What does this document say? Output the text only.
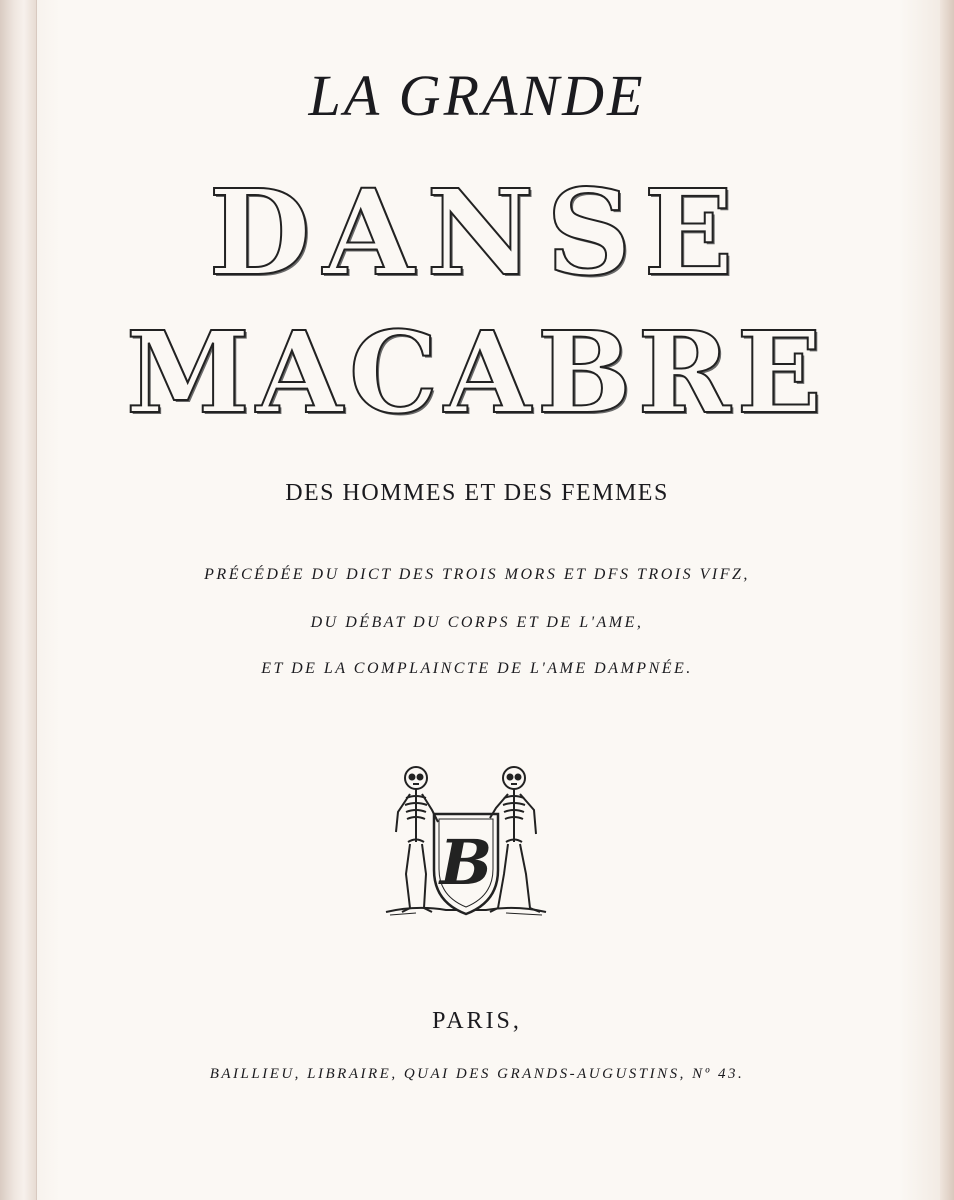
LA GRANDE
DANSE
MACABRE
DES HOMMES ET DES FEMMES
PRÉCÉDÉE DU DICT DES TROIS MORS ET DFS TROIS VIFZ,
DU DÉBAT DU CORPS ET DE L'AME,
ET DE LA COMPLAINCTE DE L'AME DAMPNÉE.
B
PARIS,
BAILLIEU, LIBRAIRE, QUAI DES GRANDS-AUGUSTINS, Nº 43.
